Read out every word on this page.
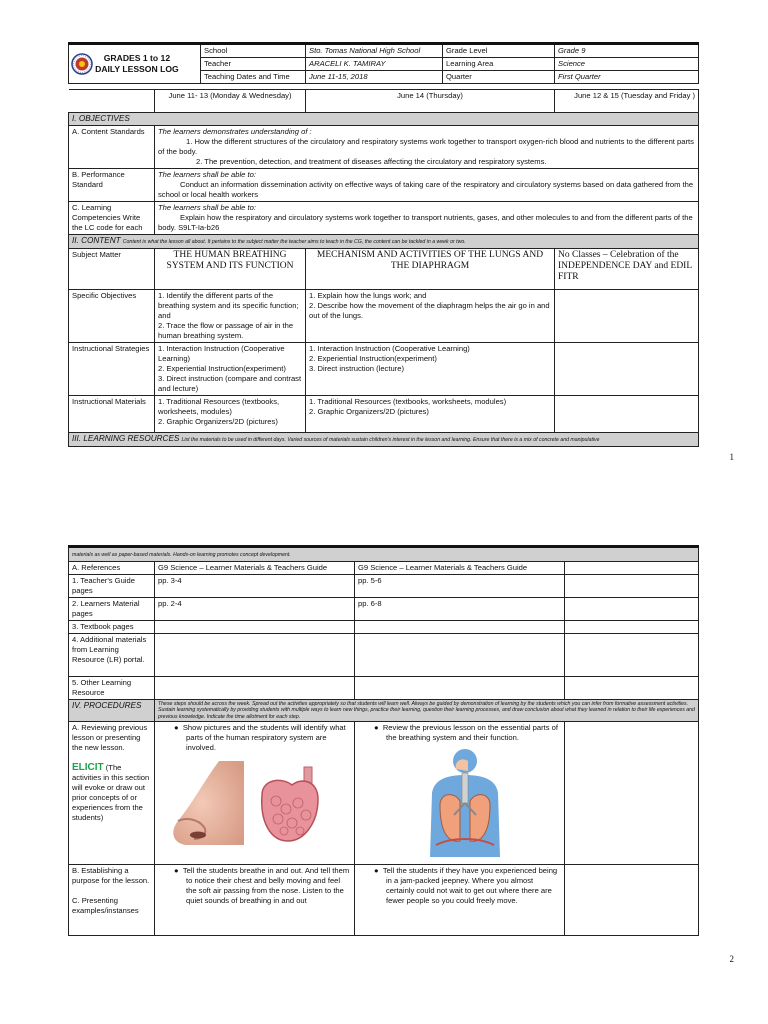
GRADES 1 to 12
DAILY LESSON LOG		School	Sto. Tomas National High School	Grade Level	Grade 9
		Teacher	ARACELI K. TAMIRAY	Learning Area	Science
		Teaching Dates and Time	June 11-15, 2018	Quarter	First Quarter

	June 11- 13 (Monday & Wednesday)		June 14 (Thursday)		June 12 & 15 (Tuesday and Friday )
I. OBJECTIVES					
A. Content Standards	The learners demonstrates understanding of :

1. How the different structures of the circulatory and respiratory systems work together to transport oxygen-rich blood and nutrients to the different parts of the body.
2. The prevention, detection, and treatment of diseases affecting the circulatory and respiratory systems.				

B. Performance Standard	The learners shall be able to:

Conduct an information dissemination activity on effective ways of taking care of the respiratory and circulatory systems based on data gathered from the school or local health workers				

C. Learning Competencies Write the LC code for each	The learners shall be able to:

Explain how the respiratory and circulatory systems work together to transport nutrients, gases, and other molecules to and from the different parts of the body. S9LT-Ia-b26				

II. CONTENT Content is what the lesson all about. It pertains to the subject matter the teacher aims to teach in the CG, the content can be tackled in a week or two.					
Subject Matter	THE HUMAN BREATHING SYSTEM AND ITS FUNCTION		MECHANISM AND ACTIVITIES OF THE LUNGS AND THE DIAPHRAGM		No Classes – Celebration of the INDEPENDENCE DAY and EDIL FITR
Specific Objectives	1. Identify the different parts of the breathing system and its specific function; and
2. Trace the flow or passage of air in the human breathing system.		1. Explain how the lungs work; and
2. Describe how the movement of the diaphragm helps the air go in and out of the lungs.		
Instructional Strategies	1. Interaction Instruction (Cooperative Learning)
2. Experiential Instruction(experiment)
3. Direct instruction (compare and contrast and lecture)		1. Interaction Instruction (Cooperative Learning)
2. Experiential Instruction(experiment)
3. Direct instruction (lecture)		
Instructional Materials	1. Traditional Resources (textbooks, worksheets, modules)
2. Graphic Organizers/2D (pictures)		1. Traditional Resources (textbooks, worksheets, modules)
2. Graphic Organizers/2D (pictures)		
III. LEARNING RESOURCES List the materials to be used in different days. Varied sources of materials sustain children's interest in the lesson and learning. Ensure that there is a mix of concrete and manipulative					
1
materials as well as paper-based materials. Hands-on learning promotes concept development.			
A. References	G9 Science – Learner Materials & Teachers Guide	G9 Science – Learner Materials & Teachers Guide	
1. Teacher's Guide pages	pp. 3-4	pp. 5-6	
2. Learners Material pages	pp. 2-4	pp. 6-8	
3. Textbook pages			
4. Additional materials from Learning Resource (LR) portal.			
5. Other Learning Resource			
IV. PROCEDURES	These steps should be across the week. Spread out the activities appropriately so that students will learn well. Always be guided by demonstration of learning by the students which you can infer from formative assessment activities. Sustain learning systematically by providing students with multiple ways to learn new things, practice their learning, question their learning processes, and draw conclusion about what they learned in relation to their life experiences and previous knowledge. Indicate the time allotment for each step.		
A. Reviewing previous lesson or presenting the new lesson.

ELICIT (The
activities in this section will evoke or draw out prior concepts of or experiences from the students)	●  Show pictures and the students will identify what parts of the human respiratory system are involved.	●  Review the previous lesson on the essential parts of the breathing system and their function.	

B. Establishing a purpose for the lesson.

C. Presenting examples/instanses	●  Tell the students breathe in and out. And tell them to notice their chest and belly moving and feel the soft air passing from the nose. Listen to the quiet sounds of breathing in and out	●  Tell the students if they have you experienced being in a jam-packed jeepney. Where you almost certainly could not wait to get out where there are fewer people so you could freely move.	

2
